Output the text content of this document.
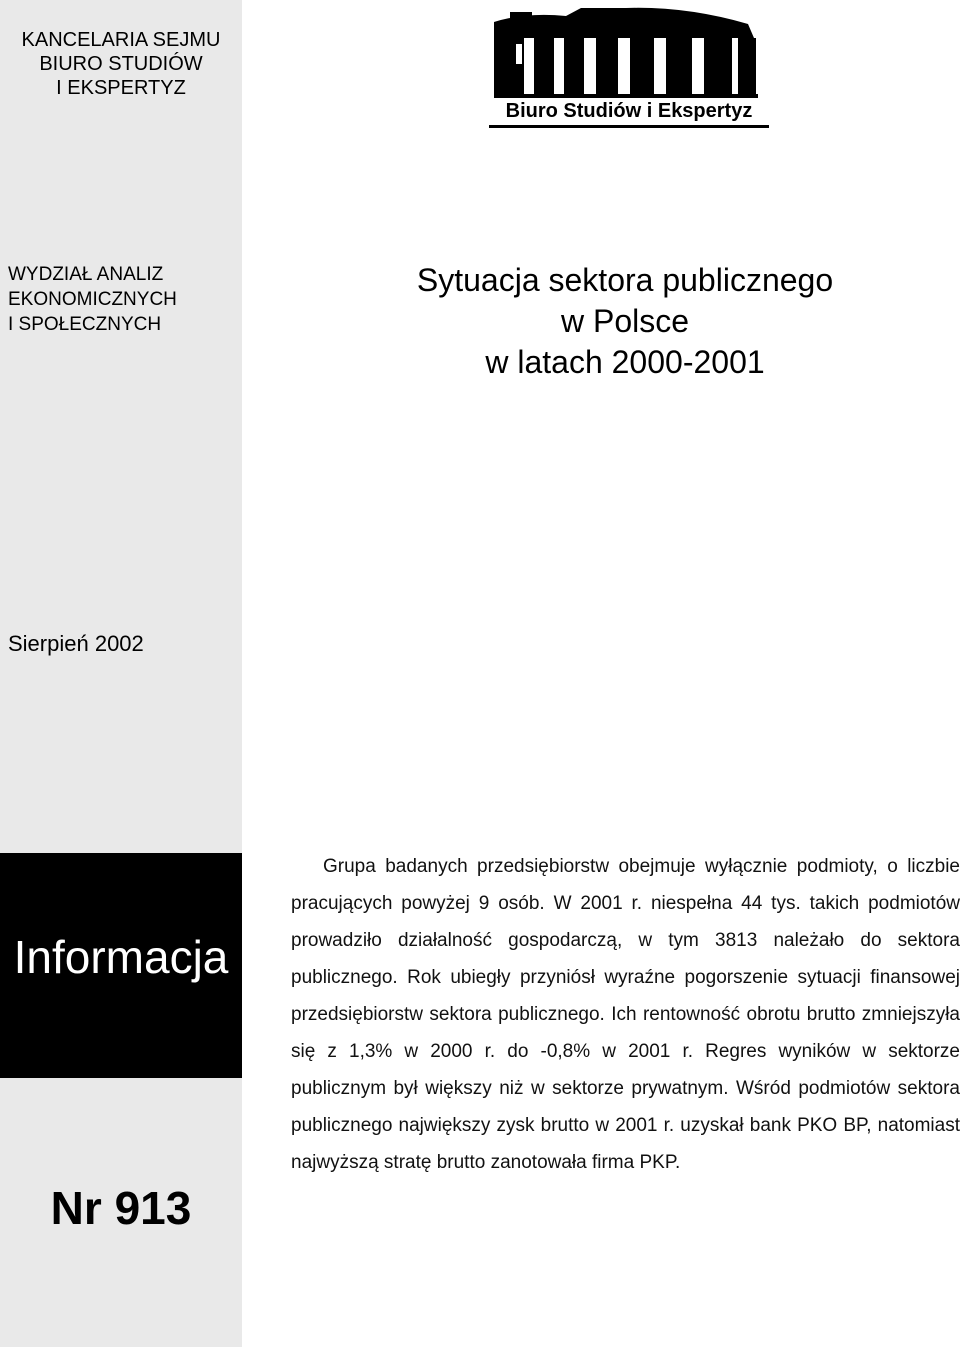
KANCELARIA SEJMU
BIURO STUDIÓW
I EKSPERTYZ
WYDZIAŁ ANALIZ
EKONOMICZNYCH
I SPOŁECZNYCH
Sierpień 2002
Informacja
Nr 913
Biuro Studiów i Ekspertyz
Sytuacja sektora publicznego
w Polsce
w latach 2000-2001

Grupa badanych przedsiębiorstw obejmuje wyłącznie podmioty, o liczbie pracujących powyżej 9 osób. W 2001 r. niespełna 44 tys. takich podmiotów prowadziło działalność gospodarczą, w tym 3813 należało do sektora publicznego. Rok ubiegły przyniósł wyraźne pogorszenie sytuacji finansowej przedsiębiorstw sektora publicznego. Ich rentowność obrotu brutto zmniejszyła się z 1,3% w 2000 r. do -0,8% w 2001 r. Regres wyników w sektorze publicznym był większy niż w sektorze prywatnym. Wśród podmiotów sektora publicznego największy zysk brutto w 2001 r. uzyskał bank PKO BP, natomiast najwyższą stratę brutto zanotowała firma PKP.
